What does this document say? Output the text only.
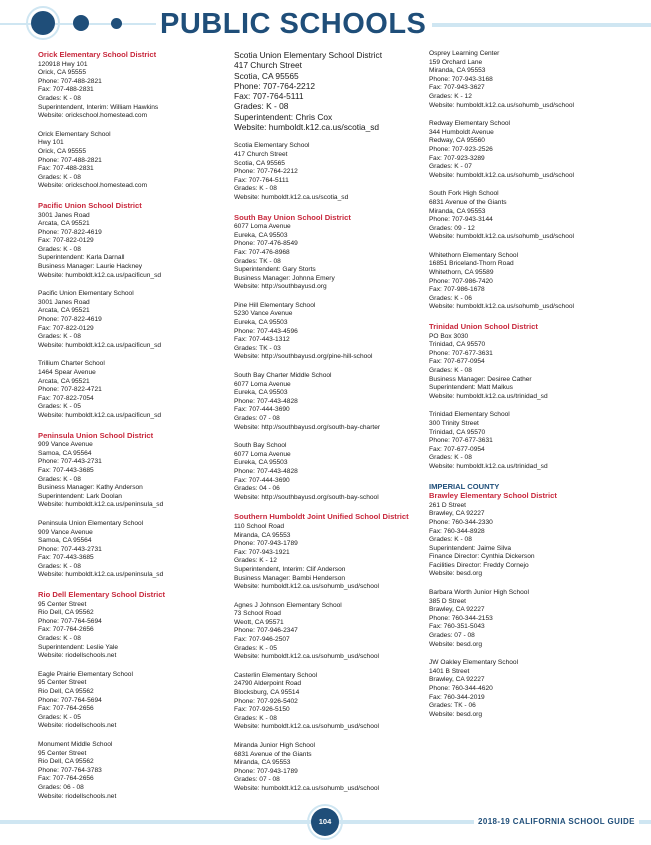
PUBLIC SCHOOLS
Orick Elementary School District
120918 Hwy 101
Orick, CA 95555
Phone: 707-488-2821
Fax: 707-488-2831
Grades: K - 08
Superintendent, Interim: William Hawkins
Website: orickschool.homestead.com
Orick Elementary School
Hwy 101
Orick, CA 95555
Phone: 707-488-2821
Fax: 707-488-2831
Grades: K - 08
Website: orickschool.homestead.com
Pacific Union School District
3001 Janes Road
Arcata, CA 95521
Phone: 707-822-4619
Fax: 707-822-0129
Grades: K - 08
Superintendent: Karla Darnall
Business Manager: Laurie Hackney
Website: humboldt.k12.ca.us/pacificun_sd
Pacific Union Elementary School
3001 Janes Road
Arcata, CA 95521
Phone: 707-822-4619
Fax: 707-822-0129
Grades: K - 08
Website: humboldt.k12.ca.us/pacificun_sd
Trillium Charter School
1464 Spear Avenue
Arcata, CA 95521
Phone: 707-822-4721
Fax: 707-822-7054
Grades: K - 05
Website: humboldt.k12.ca.us/pacificun_sd
Peninsula Union School District
909 Vance Avenue
Samoa, CA 95564
Phone: 707-443-2731
Fax: 707-443-3685
Grades: K - 08
Business Manager: Kathy Anderson
Superintendent: Lark Doolan
Website: humboldt.k12.ca.us/peninsula_sd
Peninsula Union Elementary School
909 Vance Avenue
Samoa, CA 95564
Phone: 707-443-2731
Fax: 707-443-3685
Grades: K - 08
Website: humboldt.k12.ca.us/peninsula_sd
Rio Dell Elementary School District
95 Center Street
Rio Dell, CA 95562
Phone: 707-764-5694
Fax: 707-764-2656
Grades: K - 08
Superintendent: Leslie Yale
Website: riodellschools.net
Eagle Prairie Elementary School
95 Center Street
Rio Dell, CA 95562
Phone: 707-764-5694
Fax: 707-764-2656
Grades: K - 05
Website: riodellschools.net
Monument Middle School
95 Center Street
Rio Dell, CA 95562
Phone: 707-764-3783
Fax: 707-764-2656
Grades: 06 - 08
Website: riodellschools.net
Scotia Union Elementary School District
417 Church Street
Scotia, CA 95565
Phone: 707-764-2212
Fax: 707-764-5111
Grades: K - 08
Superintendent: Chris Cox
Website: humboldt.k12.ca.us/scotia_sd
Scotia Elementary School
417 Church Street
Scotia, CA 95565
Phone: 707-764-2212
Fax: 707-764-5111
Grades: K - 08
Website: humboldt.k12.ca.us/scotia_sd
South Bay Union School District
6077 Loma Avenue
Eureka, CA 95503
Phone: 707-476-8549
Fax: 707-476-8968
Grades: TK - 08
Superintendent: Gary Storts
Business Manager: Johnna Emery
Website: http://southbayusd.org
Pine Hill Elementary School
5230 Vance Avenue
Eureka, CA 95503
Phone: 707-443-4596
Fax: 707-443-1312
Grades: TK - 03
Website: http://southbayusd.org/pine-hill-school
South Bay Charter Middle School
6077 Loma Avenue
Eureka, CA 95503
Phone: 707-443-4828
Fax: 707-444-3690
Grades: 07 - 08
Website: http://southbayusd.org/south-bay-charter
South Bay School
6077 Loma Avenue
Eureka, CA 95503
Phone: 707-443-4828
Fax: 707-444-3690
Grades: 04 - 06
Website: http://southbayusd.org/south-bay-school
Southern Humboldt Joint Unified School District
110 School Road
Miranda, CA 95553
Phone: 707-943-1789
Fax: 707-943-1921
Grades: K - 12
Superintendent, Interim: Clif Anderson
Business Manager: Bambi Henderson
Website: humboldt.k12.ca.us/sohumb_usd/school
Agnes J Johnson Elementary School
73 School Road
Weott, CA 95571
Phone: 707-946-2347
Fax: 707-946-2507
Grades: K - 05
Website: humboldt.k12.ca.us/sohumb_usd/school
Casterlin Elementary School
24790 Alderpoint Road
Blocksburg, CA 95514
Phone: 707-926-5402
Fax: 707-926-5150
Grades: K - 08
Website: humboldt.k12.ca.us/sohumb_usd/school
Miranda Junior High School
6831 Avenue of the Giants
Miranda, CA 95553
Phone: 707-943-1789
Grades: 07 - 08
Website: humboldt.k12.ca.us/sohumb_usd/school
Osprey Learning Center
159 Orchard Lane
Miranda, CA 95553
Phone: 707-943-3168
Fax: 707-943-3627
Grades: K - 12
Website: humboldt.k12.ca.us/sohumb_usd/school
Redway Elementary School
344 Humboldt Avenue
Redway, CA 95560
Phone: 707-923-2526
Fax: 707-923-3289
Grades: K - 07
Website: humboldt.k12.ca.us/sohumb_usd/school
South Fork High School
6831 Avenue of the Giants
Miranda, CA 95553
Phone: 707-943-3144
Grades: 09 - 12
Website: humboldt.k12.ca.us/sohumb_usd/school
Whitethorn Elementary School
16851 Briceland-Thorn Road
Whitethorn, CA 95589
Phone: 707-986-7420
Fax: 707-986-1678
Grades: K - 06
Website: humboldt.k12.ca.us/sohumb_usd/school
Trinidad Union School District
PO Box 3030
Trinidad, CA 95570
Phone: 707-677-3631
Fax: 707-677-0954
Grades: K - 08
Business Manager: Desiree Cather
Superintendent: Matt Malkus
Website: humboldt.k12.ca.us/trinidad_sd
Trinidad Elementary School
300 Trinity Street
Trinidad, CA 95570
Phone: 707-677-3631
Fax: 707-677-0954
Grades: K - 08
Website: humboldt.k12.ca.us/trinidad_sd
IMPERIAL COUNTY
Brawley Elementary School District
261 D Street
Brawley, CA 92227
Phone: 760-344-2330
Fax: 760-344-8928
Grades: K - 08
Superintendent: Jaime Silva
Finance Director: Cynthia Dickerson
Facilities Director: Freddy Cornejo
Website: besd.org
Barbara Worth Junior High School
385 D Street
Brawley, CA 92227
Phone: 760-344-2153
Fax: 760-351-5043
Grades: 07 - 08
Website: besd.org
JW Oakley Elementary School
1401 B Street
Brawley, CA 92227
Phone: 760-344-4620
Fax: 760-344-2019
Grades: TK - 06
Website: besd.org
104	2018-19 CALIFORNIA SCHOOL GUIDE
